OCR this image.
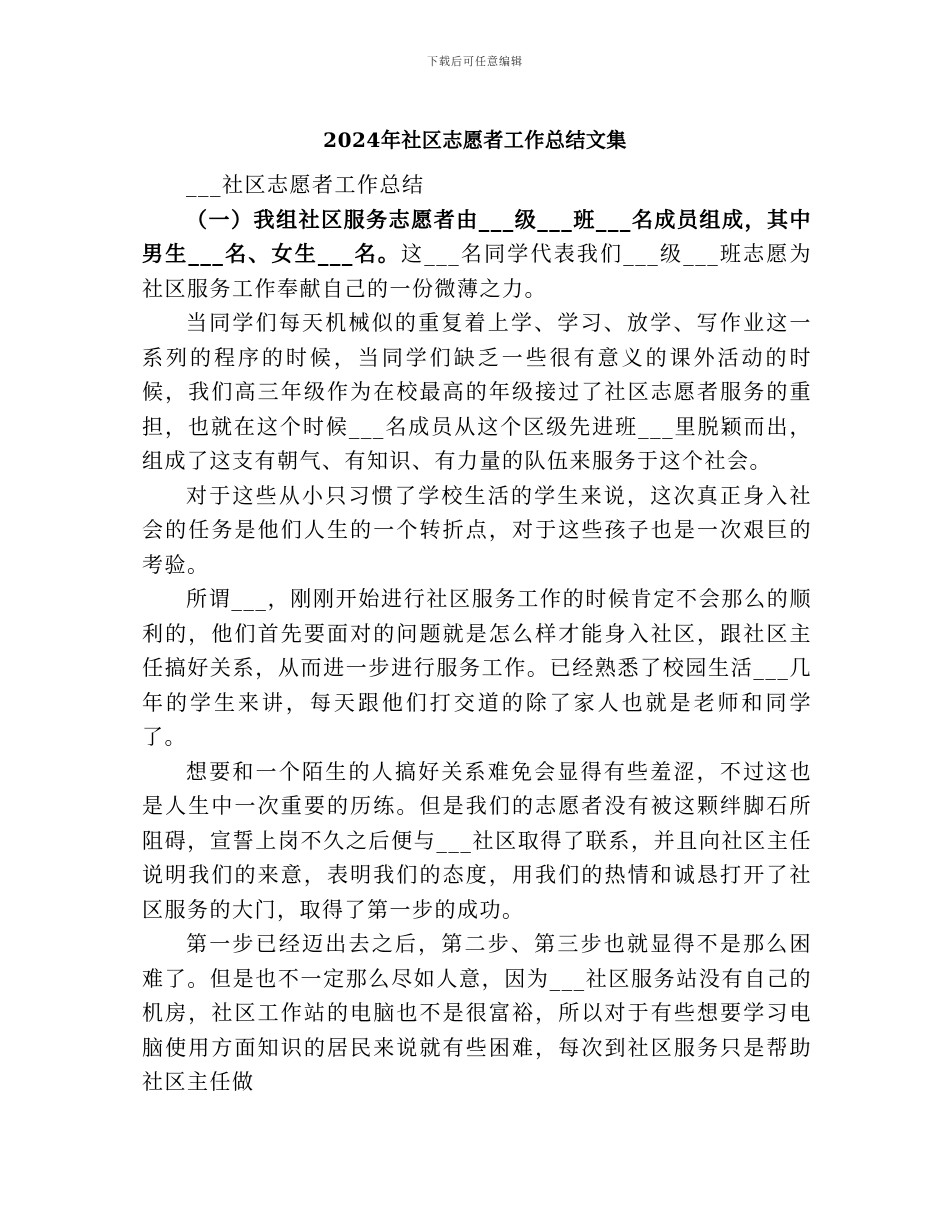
下载后可任意编辑
2024年社区志愿者工作总结文集

___社区志愿者工作总结

（一）我组社区服务志愿者由___级___班___名成员组成，其中男生___名、女生___名。这___名同学代表我们___级___班志愿为社区服务工作奉献自己的一份微薄之力。

当同学们每天机械似的重复着上学、学习、放学、写作业这一系列的程序的时候，当同学们缺乏一些很有意义的课外活动的时候，我们高三年级作为在校最高的年级接过了社区志愿者服务的重担，也就在这个时候___名成员从这个区级先进班___里脱颖而出，组成了这支有朝气、有知识、有力量的队伍来服务于这个社会。

对于这些从小只习惯了学校生活的学生来说，这次真正身入社会的任务是他们人生的一个转折点，对于这些孩子也是一次艰巨的考验。

所谓___，刚刚开始进行社区服务工作的时候肯定不会那么的顺利的，他们首先要面对的问题就是怎么样才能身入社区，跟社区主任搞好关系，从而进一步进行服务工作。已经熟悉了校园生活___几年的学生来讲，每天跟他们打交道的除了家人也就是老师和同学了。

想要和一个陌生的人搞好关系难免会显得有些羞涩，不过这也是人生中一次重要的历练。但是我们的志愿者没有被这颗绊脚石所阻碍，宣誓上岗不久之后便与___社区取得了联系，并且向社区主任说明我们的来意，表明我们的态度，用我们的热情和诚恳打开了社区服务的大门，取得了第一步的成功。

第一步已经迈出去之后，第二步、第三步也就显得不是那么困难了。但是也不一定那么尽如人意，因为___社区服务站没有自己的机房，社区工作站的电脑也不是很富裕，所以对于有些想要学习电脑使用方面知识的居民来说就有些困难，每次到社区服务只是帮助社区主任做
